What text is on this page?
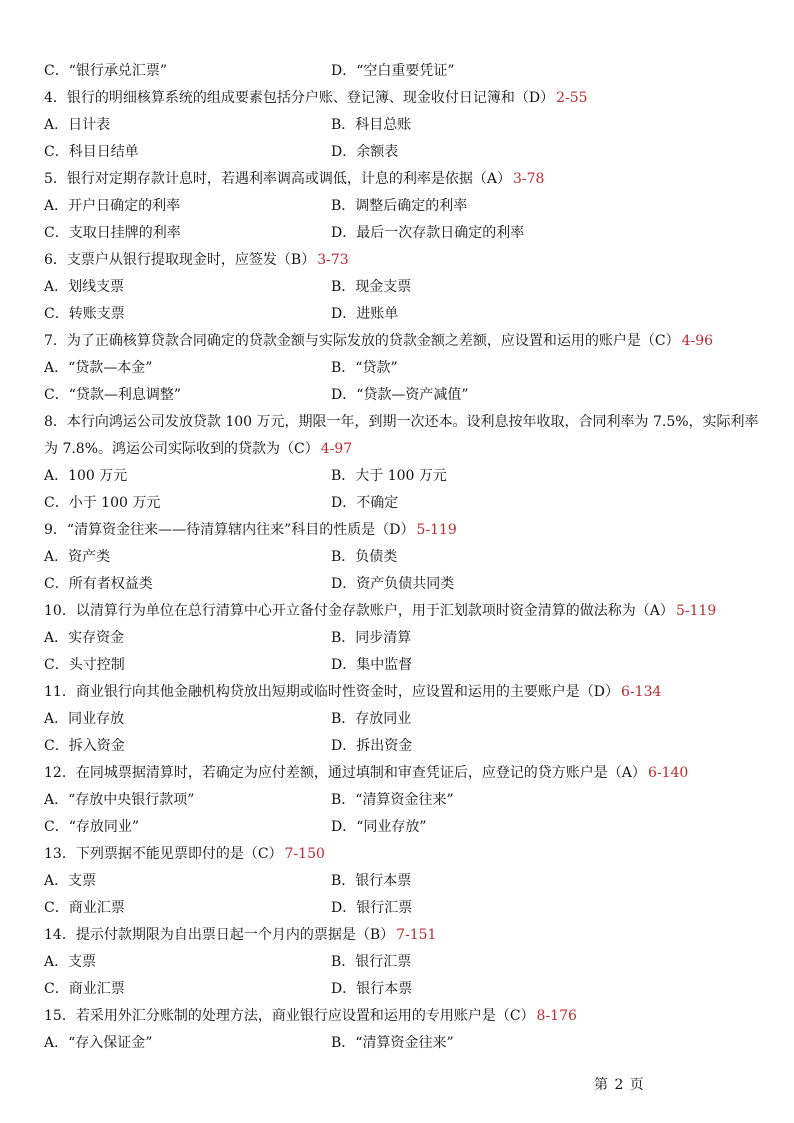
C．“银行承兑汇票”	D．“空白重要凭证”
4．银行的明细核算系统的组成要素包括分户账、登记簿、现金收付日记簿和（D） 2-55
A．日计表	B．科目总账
C．科目日结单	D．余额表
5．银行对定期存款计息时，若遇利率调高或调低，计息的利率是依据（A） 3-78
A．开户日确定的利率	B．调整后确定的利率
C．支取日挂牌的利率	D．最后一次存款日确定的利率
6．支票户从银行提取现金时，应签发（B） 3-73
A．划线支票	B．现金支票
C．转账支票	D．进账单
7．为了正确核算贷款合同确定的贷款金额与实际发放的贷款金额之差额，应设置和运用的账户是（C） 4-96
A．“贷款—本金”	B．“贷款”
C．“贷款—利息调整”	D．“贷款—资产减值”
8．本行向鸿运公司发放贷款 100 万元，期限一年，到期一次还本。设利息按年收取，合同利率为 7.5%，实际利率
为 7.8%。鸿运公司实际收到的贷款为（C） 4-97
A．100 万元	B．大于 100 万元
C．小于 100 万元	D．不确定
9．“清算资金往来——待清算辖内往来”科目的性质是（D） 5-119
A．资产类	B．负债类
C．所有者权益类	D．资产负债共同类
10．以清算行为单位在总行清算中心开立备付金存款账户，用于汇划款项时资金清算的做法称为（A） 5-119
A．实存资金	B．同步清算
C．头寸控制	D．集中监督
11．商业银行向其他金融机构贷放出短期或临时性资金时，应设置和运用的主要账户是（D） 6-134
A．同业存放	B．存放同业
C．拆入资金	D．拆出资金
12．在同城票据清算时，若确定为应付差额，通过填制和审查凭证后，应登记的贷方账户是（A） 6-140
A．“存放中央银行款项”	B．“清算资金往来”
C．“存放同业”	D．“同业存放”
13．下列票据不能见票即付的是（C） 7-150
A．支票	B．银行本票
C．商业汇票	D．银行汇票
14．提示付款期限为自出票日起一个月内的票据是（B） 7-151
A．支票	B．银行汇票
C．商业汇票	D．银行本票
15．若采用外汇分账制的处理方法，商业银行应设置和运用的专用账户是（C） 8-176
A．“存入保证金”	B．“清算资金往来”
第 2 页
